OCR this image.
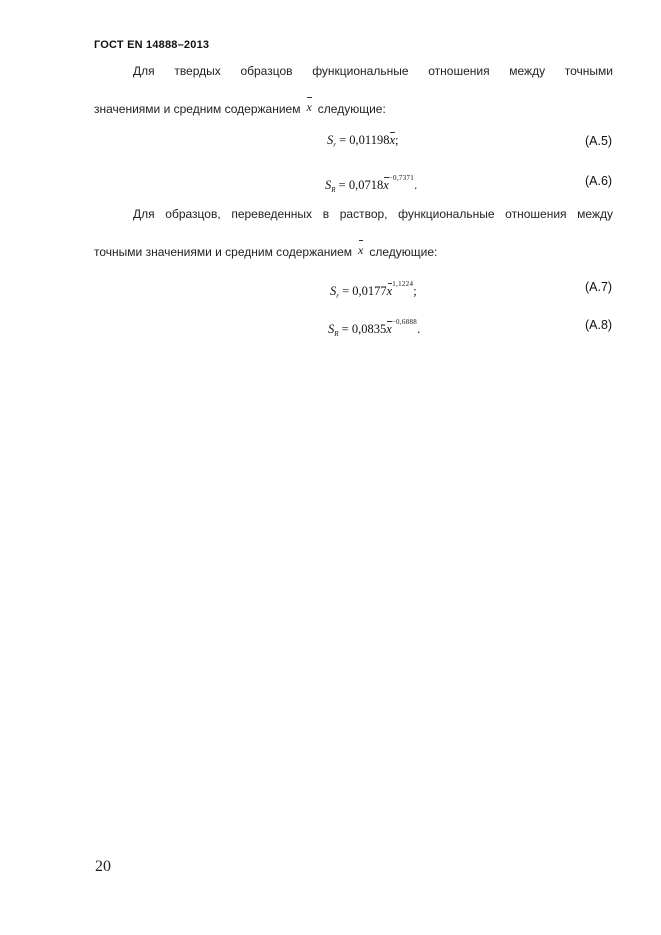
ГОСТ EN 14888–2013
Для твердых образцов функциональные отношения между точными
значениями и средним содержанием x следующие:
$S_r = 0,01198x$;	(A.5)
$S_R = 0,0718x^{-0,7371}$.	(A.6)
Для образцов, переведенных в раствор, функциональные отношения между
точными значениями и средним содержанием x следующие:
$S_r = 0,0177x^{1,1224}$;	(A.7)
$S_R = 0,0835x^{-0,6888}$.	(A.8)
20
